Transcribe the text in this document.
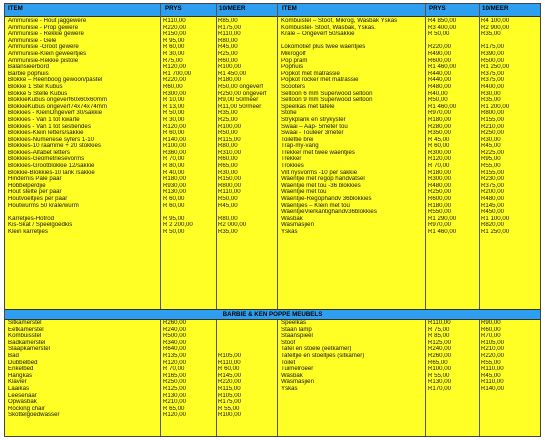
ITEM	PRYS	10/MEER	ITEM	PRYS	10/MEER
Ammunisie - Hout jaggewere	R110,00	R85,00
Ammunisie - Prop gewere	R220,00	R175,00
Ammunisie - Rekkie gewere	R150,00	R110,00
Ammunisie - Gele	R 95,00	R80,00
Ammunisie -Groot gewere	R 60,00	R45,00
Ammunisie-Klein geweertjies	R 30,00	R25,00
Ammunisie-Rekkie pistole	R75,00	R60,00
Balansieerbord	R120,00	R100,00
Barbie pophuis	R1 700,00	R1 450,00
Blokke – Reënboog gewoon/pastel	R220,00	R180,00
Blokke 1 Stel Kubus	R60,00	R50,00 ongeverf
Blokke 5 Stelle Kubus	R300,00	R250,00 ongeverf
BlokkieKubus ongeverf60x60x60mm	R 10,00	R9,00 50/meer
BlokkieKubus ongeverf74x74x74mm	R 13,00	R11,00 50/meer
Blokkies - KleinOngeverf 30/sakkie	R 50,00	R35,00
Blokkies - Van 1 tot kwarte	R 30,00	R25,00
Blokkies - Van 1 tot sestiendes	R120,00	R100,00
Blokkies-Klein letters/sakkie	R 60,00	R50,00
Blokkies-Numeriese syfers 1-10	R140,00	R115,00
Blokkies-10 raamme + 20 stokkies	R100,00	R80,00
Blokkies-Alfabet letters	R360,00	R310,00
Blokkies-Geometriesevorms	R 70,00	R60,00
Blokkies-Grootblokkie 12/sakkie	R 80,00	R65,00
Blokkie-Blokkies-10 lank /sakkie	R 40,00	R30,00
Hindernis Pale paar	R180,00	R150,00
Hobbelperdjie	R930,00	R800,00
Hout stelte per paar	R130,00	R110,00
Houtvoeltjies per paar	R 60,00	R50,00
Houtwurms 50 krale/wurm	R 60,00	R45,00
Karretjies-Hotrod	R 95,00	R80,00
Kis-Skat / Speelgoedkis	R 2 200,00	R2 000,00
Klein karretjies	R 50,00	R35,00
Kombuistel – Stoof, Mikrog, Wasbak Yskas	R4 850,00	R4 100,00
Kombuistel- Stoof, Wasbak, Yskas.	R3 400,00	R2 900,00
Krale – Ongeverf 50/sakkie	R 50,00	R35,00
Lokomotief plus twee waentjies	R220,00	R175,00
Mikrogolf	R490,00	R390,00
Pop pram	R600,00	R500,00
Pophuis	R1 460,00	R1 250,00
Popkot met matrassie	R440,00	R375,00
Popkot rocker met matrassie	R440,00	R375,00
Scooters	R480,00	R400,00
Seltoon 6 mm Superwood seltoon	R40,00	R30,00
Seltoon 9 mm Superwood seltoon	R50,00	R35,00
Speelkas met tafele	R1 460,00	R1 200,00
Stofie	R970,00	R800,00
Strykplank en strykyster	R180,00	R155,00
Swaai – Aap- 5meter tou	R280,00	R210,00
Swaai - Touleer 3meter	R350,00	R250,00
Toilettie brei	R 45,00	R30,00
Trap-my-vang	R 60,00	R45,00
Trekker met twee waentjies	R300,00	R225,00
Trekker	R120,00	R95,00
Trokkies	R 70,00	R55,00
Vilt nysvorms -10 per sakkie	R180,00	R155,00
Waentjie met regop handvatsel	R300,00	R230,00
Waentjie met tou -36 blokkies	R480,00	R375,00
Waentjie met tou	R250,00	R200,00
Waentjie-Regophandv 36blokkies	R600,00	R480,00
Waentjies – Klein met tou	R180,00	R145,00
WaentjieVierkantighandv36blokkies	R550,00	R450,00
Wasbak	R1 290,00	R1 100,00
Wasmasjien	R970,00	R820,00
Yskas	R1 460,00	R1 250,00
BARBIE & KEN POPPE MEUBELS
Sitkamerstel	R260,00
Eetkamerstel	R240,00
Kombuisstel	R500,00
Badkamerstel	R340,00
Slaapkamerstel	R640,00
Bad	R135,00	R105,00
Dubbelbed	R120,00	R110,00
Enkelbed	R 70,00	R 60,00
Hangkas	R165,00	R145,00
Klavier	R250,00	R220,00
Laaikas	R125,00	R115,00
Leesenaar	R130,00	R105,00
Opwasbak	R210,00	R175,00
Rocking chair	R 65,00	R 55,00
Skottelgoedwasser	R120,00	R100,00
Speelkas	R110,00	R90,00
Staan lamp	R 75,00	R60,00
Staanspieël	R 85,00	R70,00
Stoof	R125,00	R105,00
Tafel en stoele (eetkamer)	R240,00	R210,00
Tafeltjie en stoeltjies (sitkamer)	R260,00	R220,00
Toilet	R65,00	R55,00
Tuimelroeer	R100,00	R110,00
Wasbak	R 55,00	R45,00
Wasmasjien	R130,00	R110,00
Yskas	R170,00	R140,00
